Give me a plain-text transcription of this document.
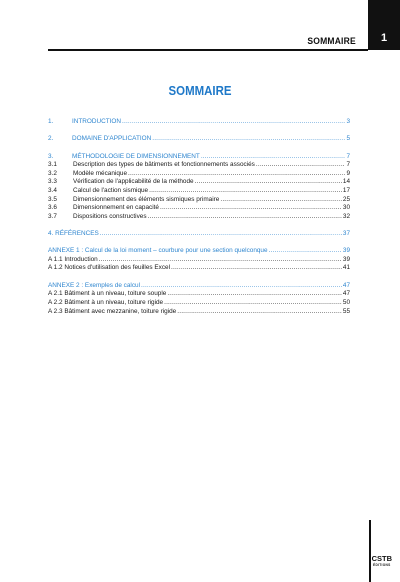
SOMMAIRE 1
SOMMAIRE
1.	INTRODUCTION .....	3
2.	DOMAINE D'APPLICATION .....	5
3.	MÉTHODOLOGIE DE DIMENSIONNEMENT .....	7
3.1	Description des types de bâtiments et fonctionnements associés .....	7
3.2	Modèle mécanique .....	9
3.3	Vérification de l'applicabilité de la méthode .....	14
3.4	Calcul de l'action sismique .....	17
3.5	Dimensionnement des éléments sismiques primaire .....	25
3.6	Dimensionnement en capacité .....	30
3.7	Dispositions constructives .....	32
4. RÉFÉRENCES .....	37
ANNEXE 1 : Calcul de la loi moment – courbure pour une section quelconque .....	39
A 1.1 Introduction .....	39
A 1.2 Notices d'utilisation des feuilles Excel .....	41
ANNEXE 2 : Exemples de calcul .....	47
A 2.1 Bâtiment à un niveau, toiture souple .....	47
A 2.2 Bâtiment à un niveau, toiture rigide .....	50
A 2.3 Bâtiment avec mezzanine, toiture rigide .....	55
CSTB
ÉDITIONS
